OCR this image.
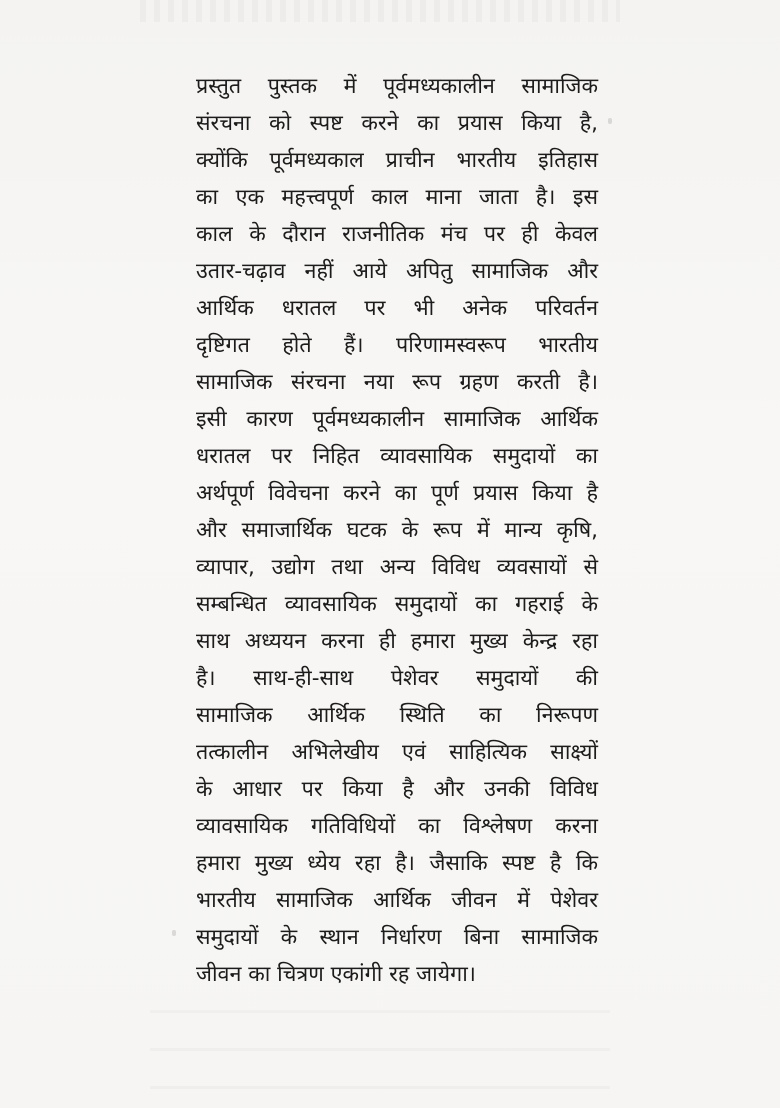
प्रस्तुत पुस्तक में पूर्वमध्यकालीन सामाजिक
संरचना को स्पष्ट करने का प्रयास किया है,
क्योंकि पूर्वमध्यकाल प्राचीन भारतीय इतिहास
का एक महत्त्वपूर्ण काल माना जाता है। इस
काल के दौरान राजनीतिक मंच पर ही केवल
उतार-चढ़ाव नहीं आये अपितु सामाजिक और
आर्थिक धरातल पर भी अनेक परिवर्तन
दृष्टिगत होते हैं। परिणामस्वरूप भारतीय
सामाजिक संरचना नया रूप ग्रहण करती है।
इसी कारण पूर्वमध्यकालीन सामाजिक आर्थिक
धरातल पर निहित व्यावसायिक समुदायों का
अर्थपूर्ण विवेचना करने का पूर्ण प्रयास किया है
और समाजार्थिक घटक के रूप में मान्य कृषि,
व्यापार, उद्योग तथा अन्य विविध व्यवसायों से
सम्बन्धित व्यावसायिक समुदायों का गहराई के
साथ अध्ययन करना ही हमारा मुख्य केन्द्र रहा
है। साथ-ही-साथ पेशेवर समुदायों की
सामाजिक आर्थिक स्थिति का निरूपण
तत्कालीन अभिलेखीय एवं साहित्यिक साक्ष्यों
के आधार पर किया है और उनकी विविध
व्यावसायिक गतिविधियों का विश्लेषण करना
हमारा मुख्य ध्येय रहा है। जैसाकि स्पष्ट है कि
भारतीय सामाजिक आर्थिक जीवन में पेशेवर
समुदायों के स्थान निर्धारण बिना सामाजिक
जीवन का चित्रण एकांगी रह जायेगा।
